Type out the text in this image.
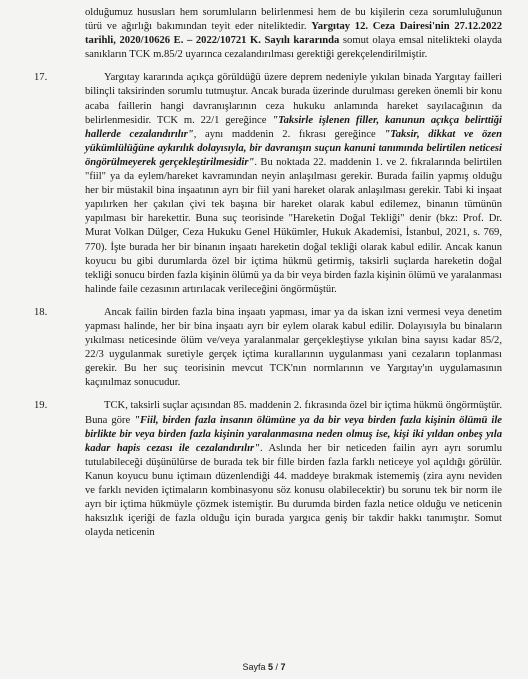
olduğumuz hususları hem sorumluların belirlenmesi hem de bu kişilerin ceza sorumluluğunun türü ve ağırlığı bakımından teyit eder niteliktedir. Yargıtay 12. Ceza Dairesi'nin 27.12.2022 tarihli, 2020/10626 E. – 2022/10721 K. Sayılı kararında somut olaya emsal nitelikteki olayda sanıkların TCK m.85/2 uyarınca cezalandırılması gerektiği gerekçelendirilmiştir.
17.	Yargıtay kararında açıkça görüldüğü üzere deprem nedeniyle yıkılan binada Yargıtay failleri bilinçli taksirinden sorumlu tutmuştur. Ancak burada üzerinde durulması gereken önemli bir konu acaba faillerin hangi davranışlarının ceza hukuku anlamında hareket sayılacağının da belirlenmesidir. TCK m. 22/1 gereğince "Taksirle işlenen filler, kanunun açıkça belirttiği hallerde cezalandırılır", aynı maddenin 2. fıkrası gereğince "Taksir, dikkat ve özen yükümlülüğüne aykırılık dolayısıyla, bir davranışın suçun kanuni tanımında belirtilen neticesi öngörülmeyerek gerçekleştirilmesidir". Bu noktada 22. maddenin 1. ve 2. fıkralarında belirtilen "fiil" ya da eylem/hareket kavramından neyin anlaşılması gerekir. Burada failin yapmış olduğu her bir müstakil bina inşaatının ayrı bir fiil yani hareket olarak anlaşılması gerekir. Tabi ki inşaat yapılırken her çakılan çivi tek başına bir hareket olarak kabul edilemez, binanın tümünün yapılması bir harekettir. Buna suç teorisinde "Hareketin Doğal Tekliği" denir (bkz: Prof. Dr. Murat Volkan Dülger, Ceza Hukuku Genel Hükümler, Hukuk Akademisi, İstanbul, 2021, s. 769, 770). İşte burada her bir binanın inşaatı hareketin doğal tekliği olarak kabul edilir. Ancak kanun koyucu bu gibi durumlarda özel bir içtima hükmü getirmiş, taksirli suçlarda hareketin doğal tekliği sonucu birden fazla kişinin ölümü ya da bir veya birden fazla kişinin ölümü ve yaralanması halinde faile cezasının artırılacak verileceğini öngörmüştür.
18.	Ancak failin birden fazla bina inşaatı yapması, imar ya da iskan izni vermesi veya denetim yapması halinde, her bir bina inşaatı ayrı bir eylem olarak kabul edilir. Dolayısıyla bu binaların yıkılması neticesinde ölüm ve/veya yaralanmalar gerçekleştiyse yıkılan bina sayısı kadar 85/2, 22/3 uygulanmak suretiyle gerçek içtima kurallarının uygulanması yani cezaların toplanması gerekir. Bu her suç teorisinin mevcut TCK'nın normlarının ve Yargıtay'ın uygulamasının kaçınılmaz sonucudur.
19.	TCK, taksirli suçlar açısından 85. maddenin 2. fıkrasında özel bir içtima hükmü öngörmüştür. Buna göre "Fiil, birden fazla insanın ölümüne ya da bir veya birden fazla kişinin ölümü ile birlikte bir veya birden fazla kişinin yaralanmasına neden olmuş ise, kişi iki yıldan onbeş yıla kadar hapis cezası ile cezalandırılır". Aslında her bir neticeden failin ayrı ayrı sorumlu tutulabileceği düşünülürse de burada tek bir fille birden fazla farklı neticeye yol açıldığı görülür. Kanun koyucu bunu içtimaın düzenlendiği 44. maddeye bırakmak istememiş (zira aynı neviden ve farklı neviden içtimaların kombinasyonu söz konusu olabilecektir) bu sorunu tek bir norm ile ayrı bir içtima hükmüyle çözmek istemiştir. Bu durumda birden fazla netice olduğu ve neticenin haksızlık içeriği de fazla olduğu için burada yargıca geniş bir takdir hakkı tanımıştır. Somut olayda neticenin
Sayfa 5 / 7
